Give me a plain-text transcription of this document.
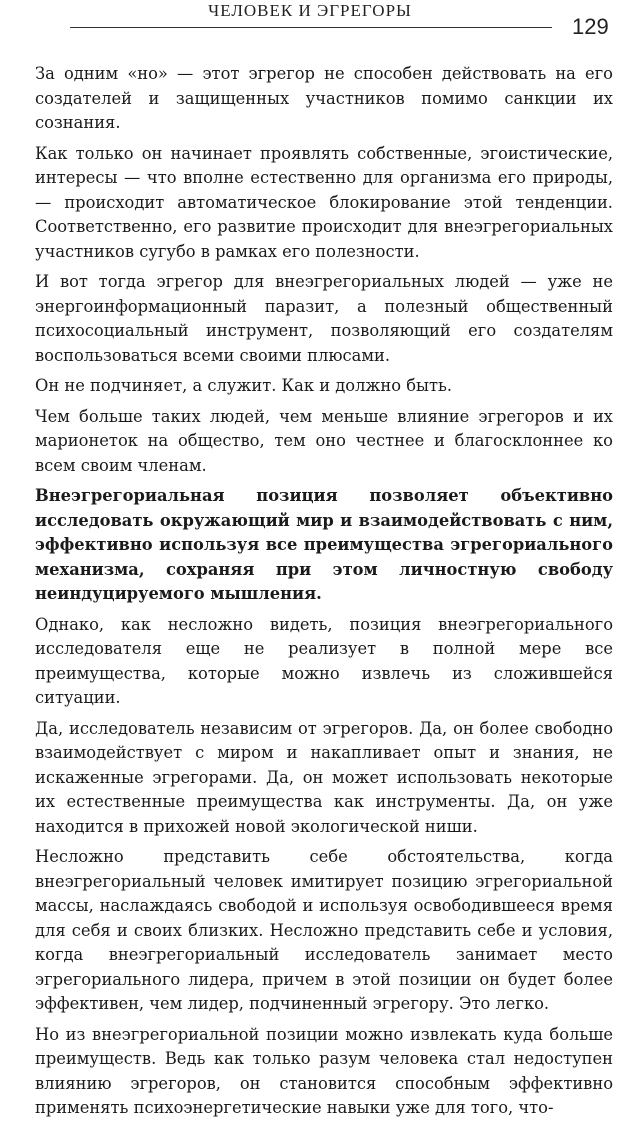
ЧЕЛОВЕК И ЭГРЕГОРЫ
129

За одним «но» — этот эгрегор не способен действовать на его создателей и защищенных участников помимо санкции их сознания.

Как только он начинает проявлять собственные, эгоистические, интересы — что вполне естественно для организма его природы, — происходит автоматическое блокирование этой тенденции. Соответственно, его развитие происходит для внеэгрегориальных участников сугубо в рамках его полезности.

И вот тогда эгрегор для внеэгрегориальных людей — уже не энергоинформационный паразит, а полезный общественный психосоциальный инструмент, позволяющий его создателям воспользоваться всеми своими плюсами.

Он не подчиняет, а служит. Как и должно быть.

Чем больше таких людей, чем меньше влияние эгрегоров и их марионеток на общество, тем оно честнее и благосклоннее ко всем своим членам.

Внеэгрегориальная позиция позволяет объективно исследовать окружающий мир и взаимодействовать с ним, эффективно используя все преимущества эгрегориального механизма, сохраняя при этом личностную свободу неиндуцируемого мышления.

Однако, как несложно видеть, позиция внеэгрегориального исследователя еще не реализует в полной мере все преимущества, которые можно извлечь из сложившейся ситуации.

Да, исследователь независим от эгрегоров. Да, он более свободно взаимодействует с миром и накапливает опыт и знания, не искаженные эгрегорами. Да, он может использовать некоторые их естественные преимущества как инструменты. Да, он уже находится в прихожей новой экологической ниши.

Несложно представить себе обстоятельства, когда внеэгрегориальный человек имитирует позицию эгрегориальной массы, наслаждаясь свободой и используя освободившееся время для себя и своих близких. Несложно представить себе и условия, когда внеэгрегориальный исследователь занимает место эгрегориального лидера, причем в этой позиции он будет более эффективен, чем лидер, подчиненный эгрегору. Это легко.

Но из внеэгрегориальной позиции можно извлекать куда больше преимуществ. Ведь как только разум человека стал недоступен влиянию эгрегоров, он становится способным эффективно применять психоэнергетические навыки уже для того, что-
